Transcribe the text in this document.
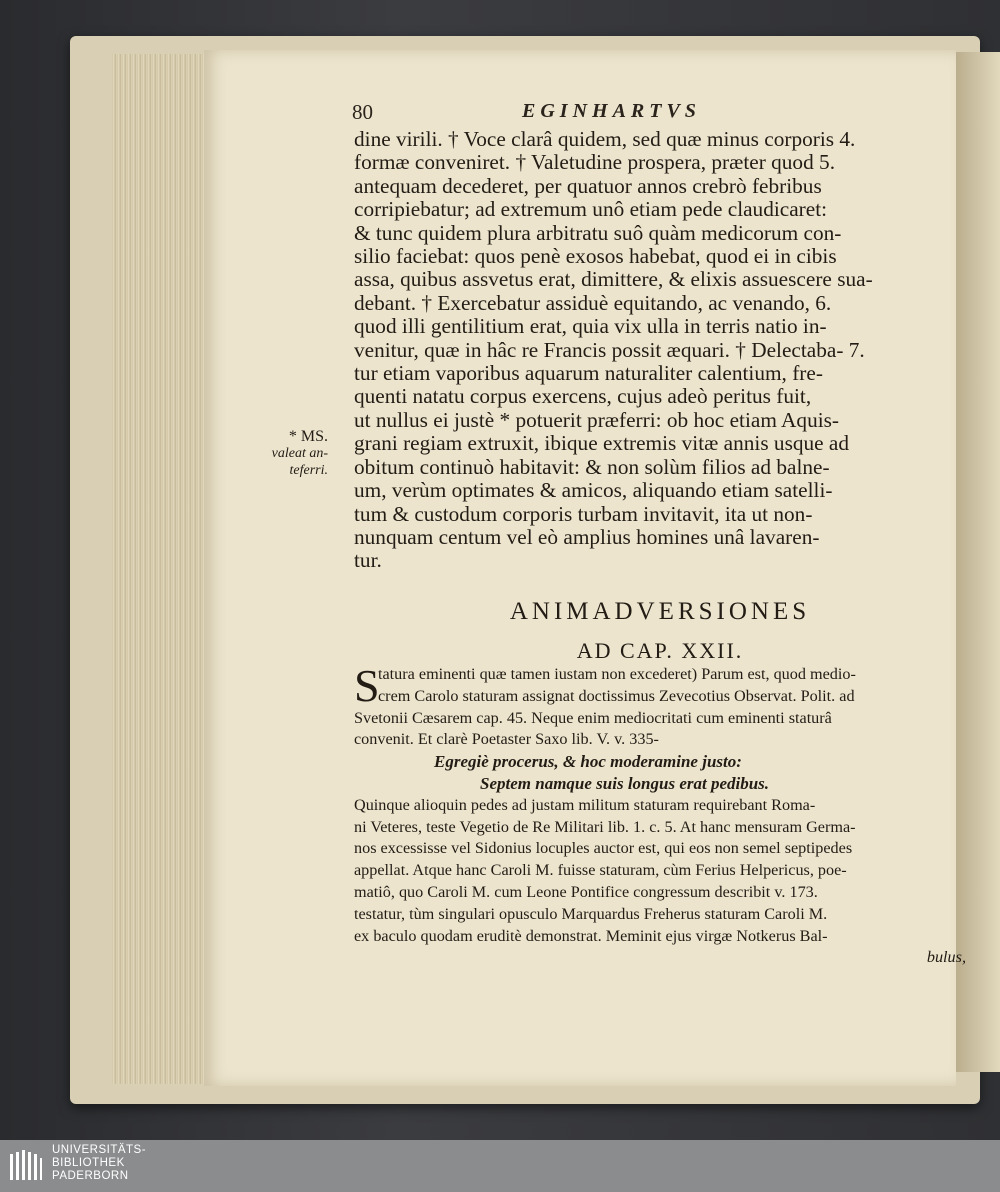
80	EGINHARTVS
dine virili. † Voce clarâ quidem, sed quæ minus corporis 4.
formæ conveniret. † Valetudine prospera, præter quod 5.
antequam decederet, per quatuor annos crebrò febribus
corripiebatur; ad extremum unô etiam pede claudicaret:
& tunc quidem plura arbitratu suô quàm medicorum con-
silio faciebat: quos penè exosos habebat, quod ei in cibis
assa, quibus assvetus erat, dimittere, & elixis assuescere sua-
debant. † Exercebatur assiduè equitando, ac venando, 6.
quod illi gentilitium erat, quia vix ulla in terris natio in-
venitur, quæ in hâc re Francis possit æquari. † Delectaba- 7.
tur etiam vaporibus aquarum naturaliter calentium, fre-
quenti natatu corpus exercens, cujus adeò peritus fuit,
ut nullus ei justè * potuerit præferri: ob hoc etiam Aquis-
grani regiam extruxit, ibique extremis vitæ annis usque ad
obitum continuò habitavit: & non solùm filios ad balne-
um, verùm optimates & amicos, aliquando etiam satelli-
tum & custodum corporis turbam invitavit, ita ut non-
nunquam centum vel eò amplius homines unâ lavaren-
tur.
* MS.
valeat an-
teferri.
ANIMADVERSIONES
AD CAP. XXII.
tatura eminenti quæ tamen iustam non excederet) Parum est, quod medio-
crem Carolo staturam assignat doctissimus Zevecotius Observat. Polit. ad
Svetonii Cæsarem cap. 45. Neque enim mediocritati cum eminenti staturâ
convenit. Et clarè Poetaster Saxo lib. V. v. 335-
Egregiè procerus, & hoc moderamine justo:
Septem namque suis longus erat pedibus.
Quinque alioquin pedes ad justam militum staturam requirebant Roma-
ni Veteres, teste Vegetio de Re Militari lib. 1. c. 5. At hanc mensuram Germa-
nos excessisse vel Sidonius locuples auctor est, qui eos non semel septipedes
appellat. Atque hanc Caroli M. fuisse staturam, cùm Ferius Helpericus, poe-
matiô, quo Caroli M. cum Leone Pontifice congressum describit v. 173.
testatur, tùm singulari opusculo Marquardus Freherus staturam Caroli M.
ex baculo quodam eruditè demonstrat. Meminit ejus virgæ Notkerus Bal-
bulus,
S
UNIVERSITÄTS-
BIBLIOTHEK
PADERBORN
